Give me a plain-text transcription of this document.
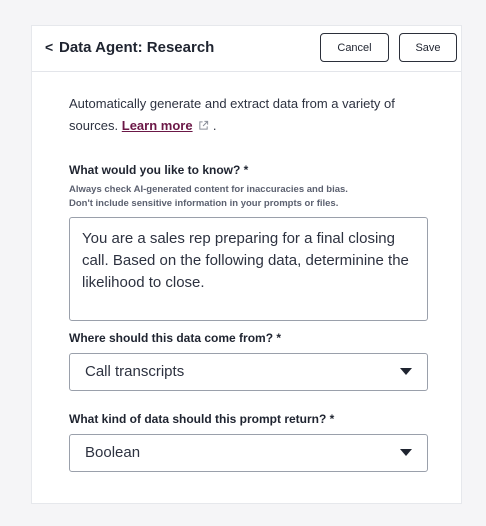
< Data Agent: Research	Cancel	Save

Automatically generate and extract data from a variety of sources. Learn more .

What would you like to know? *
Always check AI-generated content for inaccuracies and bias.
Don't include sensitive information in your prompts or files.
You are a sales rep preparing for a final closing call. Based on the following data, determinine the likelihood to close.
Where should this data come from? *
Call transcripts
What kind of data should this prompt return? *
Boolean
